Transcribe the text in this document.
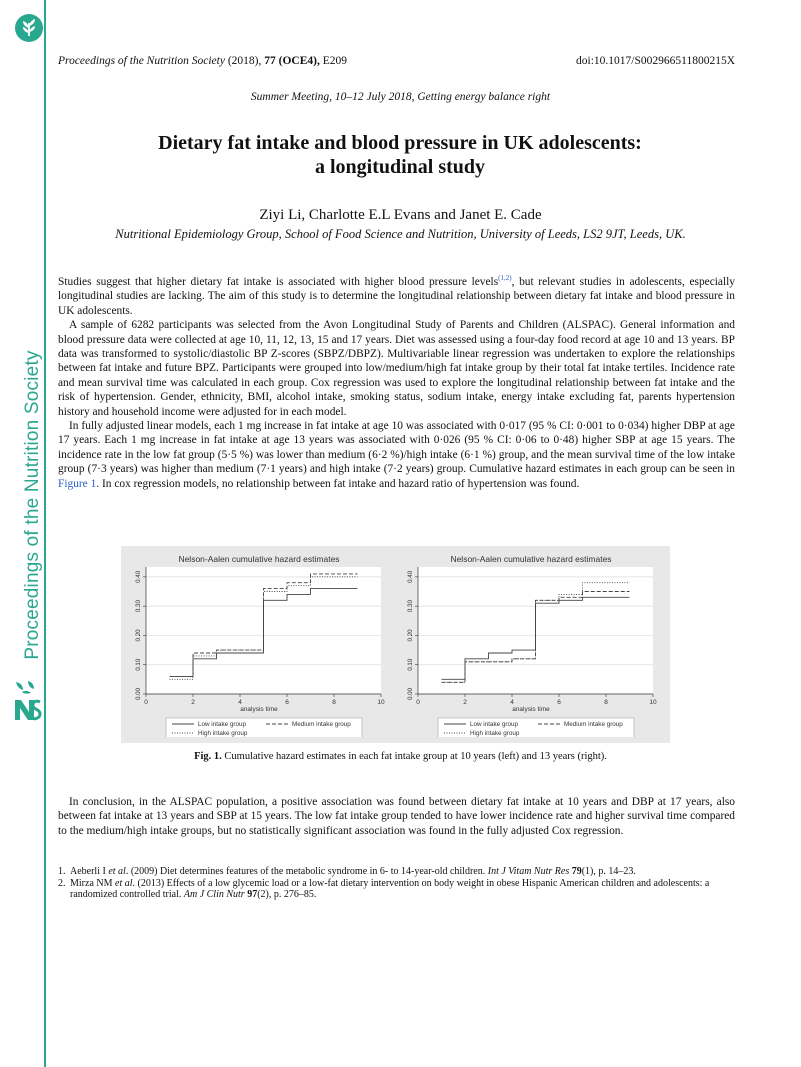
Proceedings of the Nutrition Society
Proceedings of the Nutrition Society (2018), 77 (OCE4), E209	doi:10.1017/S002966511800215X
Summer Meeting, 10–12 July 2018, Getting energy balance right
Dietary fat intake and blood pressure in UK adolescents:
a longitudinal study
Ziyi Li, Charlotte E.L Evans and Janet E. Cade
Nutritional Epidemiology Group, School of Food Science and Nutrition, University of Leeds, LS2 9JT, Leeds, UK.

Studies suggest that higher dietary fat intake is associated with higher blood pressure levels$^{(1,2)}$, but relevant studies in adolescents, especially longitudinal studies are lacking. The aim of this study is to determine the longitudinal relationship between dietary fat intake and blood pressure in UK adolescents.

A sample of 6282 participants was selected from the Avon Longitudinal Study of Parents and Children (ALSPAC). General information and blood pressure data were collected at age 10, 11, 12, 13, 15 and 17 years. Diet was assessed using a four-day food record at age 10 and 13 years. BP data was transformed to systolic/diastolic BP Z-scores (SBPZ/DBPZ). Multivariable linear regression was undertaken to explore the relationships between fat intake and future BPZ. Participants were grouped into low/medium/high fat intake group by their total fat intake tertiles. Incidence rate and mean survival time was calculated in each group. Cox regression was used to explore the longitudinal relationship between fat intake and the risk of hypertension. Gender, ethnicity, BMI, alcohol intake, smoking status, sodium intake, energy intake excluding fat, parents hypertension history and household income were adjusted for in each model.

In fully adjusted linear models, each 1 mg increase in fat intake at age 10 was associated with 0·017 (95 % CI: 0·001 to 0·034) higher DBP at age 17 years. Each 1 mg increase in fat intake at age 13 years was associated with 0·026 (95 % CI: 0·06 to 0·48) higher SBP at age 15 years. The incidence rate in the low fat group (5·5 %) was lower than medium (6·2 %)/high intake (6·1 %) group, and the mean survival time of the low intake group (7·3 years) was higher than medium (7·1 years) and high intake (7·2 years) group. Cumulative hazard estimates in each group can be seen in Figure 1. In cox regression models, no relationship between fat intake and hazard ratio of hypertension was found.

Nelson-Aalen cumulative hazard estimates
0.00
0.10
0.20
0.30
0.40
0	2	4	6	8	10
analysis time
Low intake group	Medium intake group
High intake group
Nelson-Aalen cumulative hazard estimates
0.00
0.10
0.20
0.30
0.40
0	2	4	6	8	10
analysis time
Low intake group	Medium intake group
High intake group
Fig. 1. Cumulative hazard estimates in each fat intake group at 10 years (left) and 13 years (right).

In conclusion, in the ALSPAC population, a positive association was found between dietary fat intake at 10 years and DBP at 17 years, also between fat intake at 13 years and SBP at 15 years. The low fat intake group tended to have lower incidence rate and higher survival time compared to the medium/high intake groups, but no statistically significant association was found in the fully adjusted Cox regression.

1. Aeberli I et al. (2009) Diet determines features of the metabolic syndrome in 6- to 14-year-old children. Int J Vitam Nutr Res 79(1), p. 14–23.
2. Mirza NM et al. (2013) Effects of a low glycemic load or a low-fat dietary intervention on body weight in obese Hispanic American children and adolescents: a randomized controlled trial. Am J Clin Nutr 97(2), p. 276–85.
